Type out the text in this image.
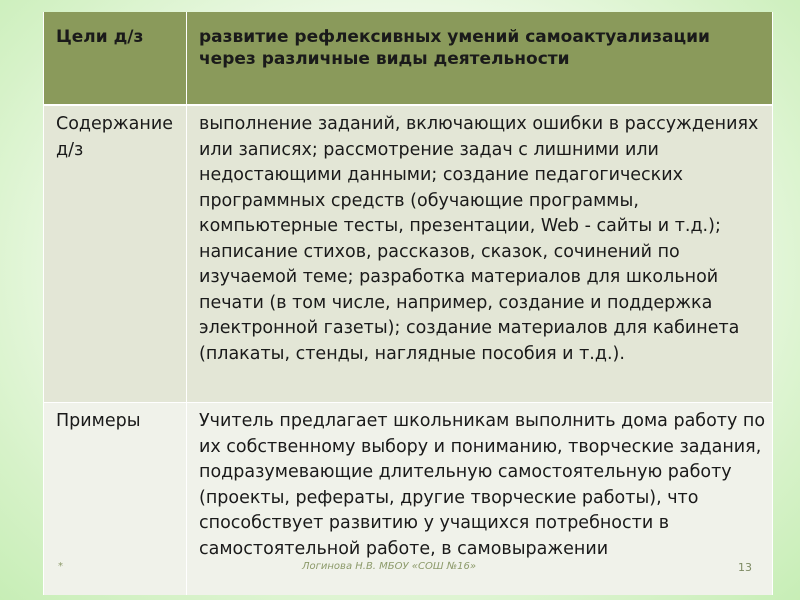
Цели д/з	развитие рефлексивных умений самоактуализации через различные виды деятельности

Содержание д/з	выполнение заданий, включающих ошибки в рассуждениях или записях; рассмотрение задач с лишними или недостающими данными; создание педагогических программных средств (обучающие программы, компьютерные тесты, презентации, Web - сайты и т.д.); написание стихов, рассказов, сказок, сочинений по изучаемой теме; разработка материалов для школьной печати (в том числе, например, создание и поддержка электронной газеты); создание материалов для кабинета (плакаты, стенды, наглядные пособия и т.д.).

Примеры	Учитель предлагает школьникам выполнить дома работу по их собственному выбору и пониманию, творческие задания, подразумевающие длительную самостоятельную работу (проекты, рефераты, другие творческие работы), что способствует развитию у учащихся потребности в самостоятельной работе, в самовыражении
*	Логинова Н.В. МБОУ «СОШ №16»	13
